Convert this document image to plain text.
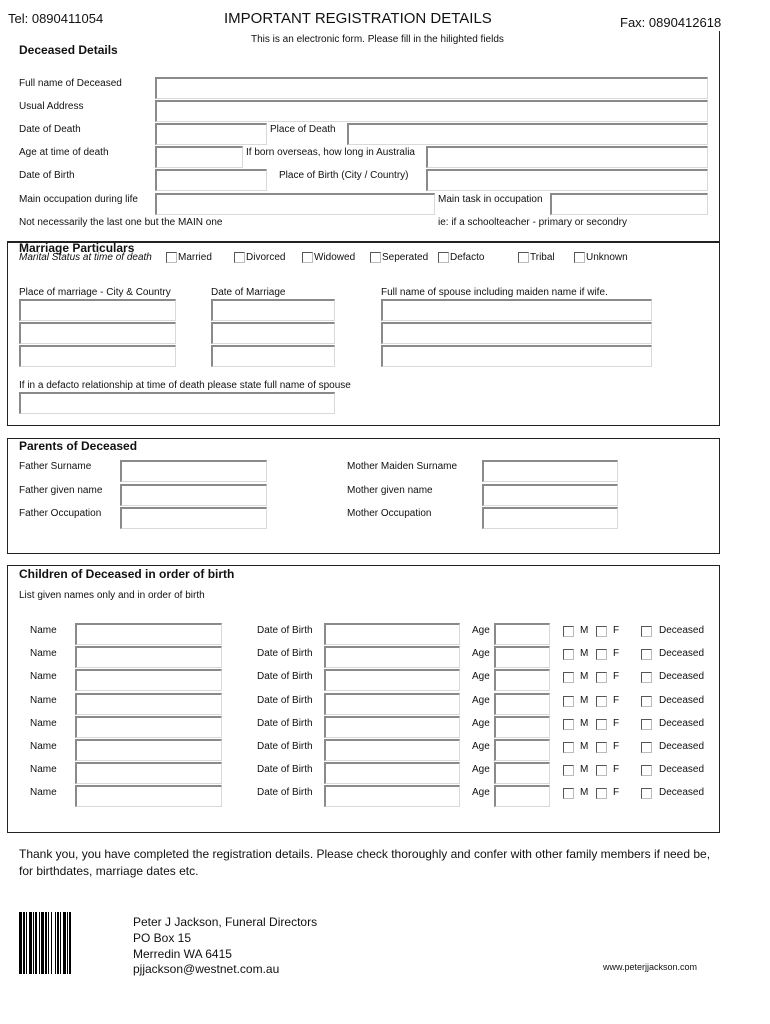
Tel: 0890411054	IMPORTANT REGISTRATION DETAILS	Fax: 0890412618
This is an electronic form. Please fill in the hilighted fields
Deceased Details
Full name of Deceased
Usual Address
Date of Death	Place of Death
Age at time of death	If born overseas, how long in Australia
Date of Birth	Place of Birth (City / Country)
Main occupation during life	Main task in occupation
Not necessarily the last one but the MAIN one	ie: if a schoolteacher - primary or secondry
Marriage Particulars
Marital Status at time of death	Married	Divorced	Widowed	Seperated Defacto	Tribal	Unknown
Place of marriage - City & Country	Date of Marriage	Full name of spouse including maiden name if wife.
If in a defacto relationship at time of death please state full name of spouse
Parents of Deceased
Father Surname	Mother Maiden Surname
Father given name	Mother given name
Father Occupation	Mother Occupation
Children of Deceased in order of birth
List given names only and in order of birth
Name	Date of Birth	Age	M F	Deceased
Name	Date of Birth	Age	M F	Deceased
Name	Date of Birth	Age	M F	Deceased
Name	Date of Birth	Age	M F	Deceased
Name	Date of Birth	Age	M F	Deceased
Name	Date of Birth	Age	M F	Deceased
Name	Date of Birth	Age	M F	Deceased
Name	Date of Birth	Age	M F	Deceased
Thank you, you have completed the registration details. Please check thoroughly and confer with other family members if need be, for birthdates, marriage dates etc.
Peter J Jackson, Funeral Directors
PO Box 15
Merredin WA 6415
pjjackson@westnet.com.au	www.peterjjackson.com
